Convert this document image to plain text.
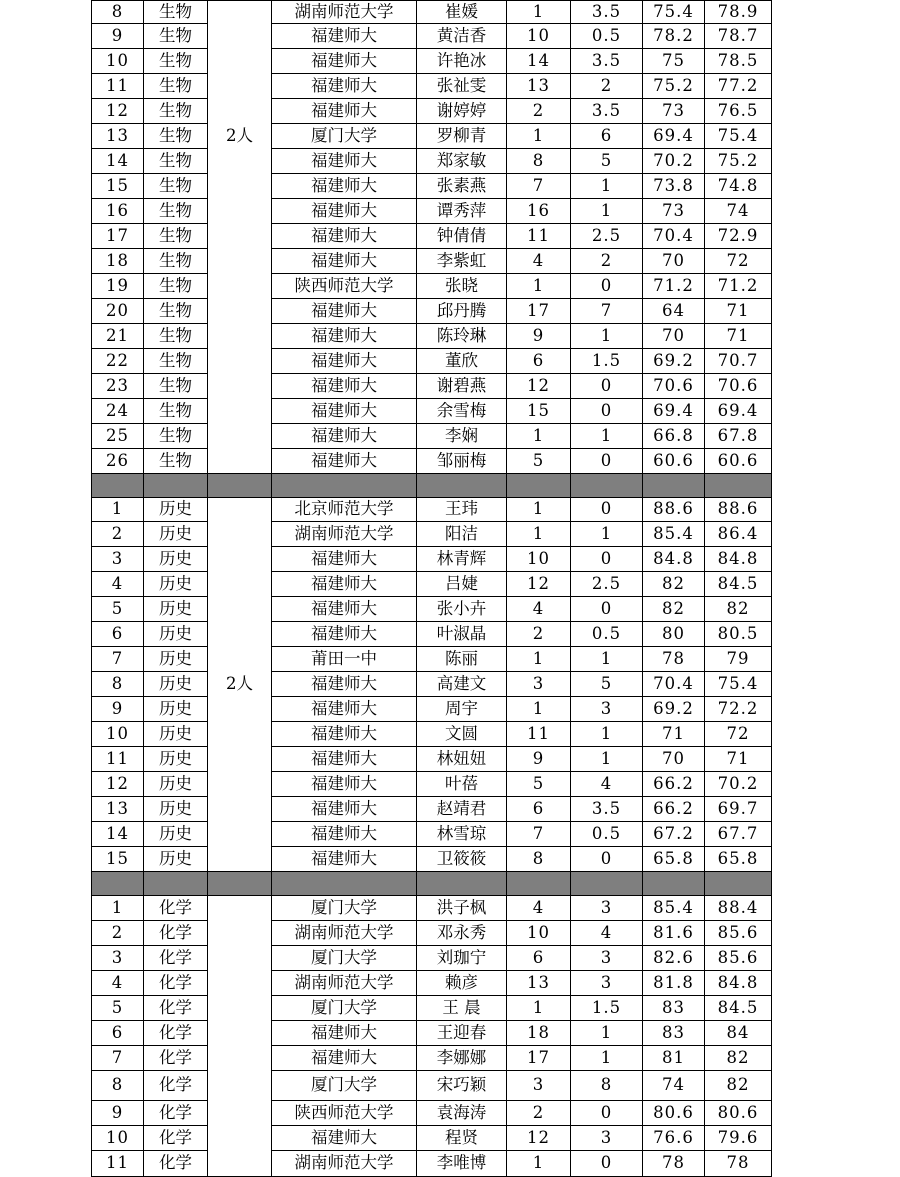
8	生物		湖南师范大学	崔媛	1	3.5	75.4	78.9
9	生物		福建师大	黄洁香	10	0.5	78.2	78.7
10	生物		福建师大	许艳冰	14	3.5	75	78.5
11	生物		福建师大	张祉雯	13	2	75.2	77.2
12	生物		福建师大	谢婷婷	2	3.5	73	76.5
13	生物	2人	厦门大学	罗柳青	1	6	69.4	75.4
14	生物		福建师大	郑家敏	8	5	70.2	75.2
15	生物		福建师大	张素燕	7	1	73.8	74.8
16	生物		福建师大	谭秀萍	16	1	73	74
17	生物		福建师大	钟倩倩	11	2.5	70.4	72.9
18	生物		福建师大	李紫虹	4	2	70	72
19	生物		陕西师范大学	张晓	1	0	71.2	71.2
20	生物		福建师大	邱丹腾	17	7	64	71
21	生物		福建师大	陈玲琳	9	1	70	71
22	生物		福建师大	董欣	6	1.5	69.2	70.7
23	生物		福建师大	谢碧燕	12	0	70.6	70.6
24	生物		福建师大	余雪梅	15	0	69.4	69.4
25	生物		福建师大	李娴	1	1	66.8	67.8
26	生物		福建师大	邹丽梅	5	0	60.6	60.6

1	历史		北京师范大学	王玮	1	0	88.6	88.6
2	历史		湖南师范大学	阳洁	1	1	85.4	86.4
3	历史		福建师大	林青辉	10	0	84.8	84.8
4	历史		福建师大	吕婕	12	2.5	82	84.5
5	历史		福建师大	张小卉	4	0	82	82
6	历史		福建师大	叶淑晶	2	0.5	80	80.5
7	历史		莆田一中	陈丽	1	1	78	79
8	历史	2人	福建师大	高建文	3	5	70.4	75.4
9	历史		福建师大	周宇	1	3	69.2	72.2
10	历史		福建师大	文圆	11	1	71	72
11	历史		福建师大	林妞妞	9	1	70	71
12	历史		福建师大	叶蓓	5	4	66.2	70.2
13	历史		福建师大	赵靖君	6	3.5	66.2	69.7
14	历史		福建师大	林雪琼	7	0.5	67.2	67.7
15	历史		福建师大	卫筱筱	8	0	65.8	65.8

1	化学		厦门大学	洪子枫	4	3	85.4	88.4
2	化学		湖南师范大学	邓永秀	10	4	81.6	85.6
3	化学		厦门大学	刘珈宁	6	3	82.6	85.6
4	化学		湖南师范大学	赖彦	13	3	81.8	84.8
5	化学		厦门大学	王 晨	1	1.5	83	84.5
6	化学		福建师大	王迎春	18	1	83	84
7	化学		福建师大	李娜娜	17	1	81	82
8	化学		厦门大学	宋巧颖	3	8	74	82
9	化学		陕西师范大学	袁海涛	2	0	80.6	80.6
10	化学		福建师大	程贤	12	3	76.6	79.6
11	化学		湖南师范大学	李唯博	1	0	78	78
